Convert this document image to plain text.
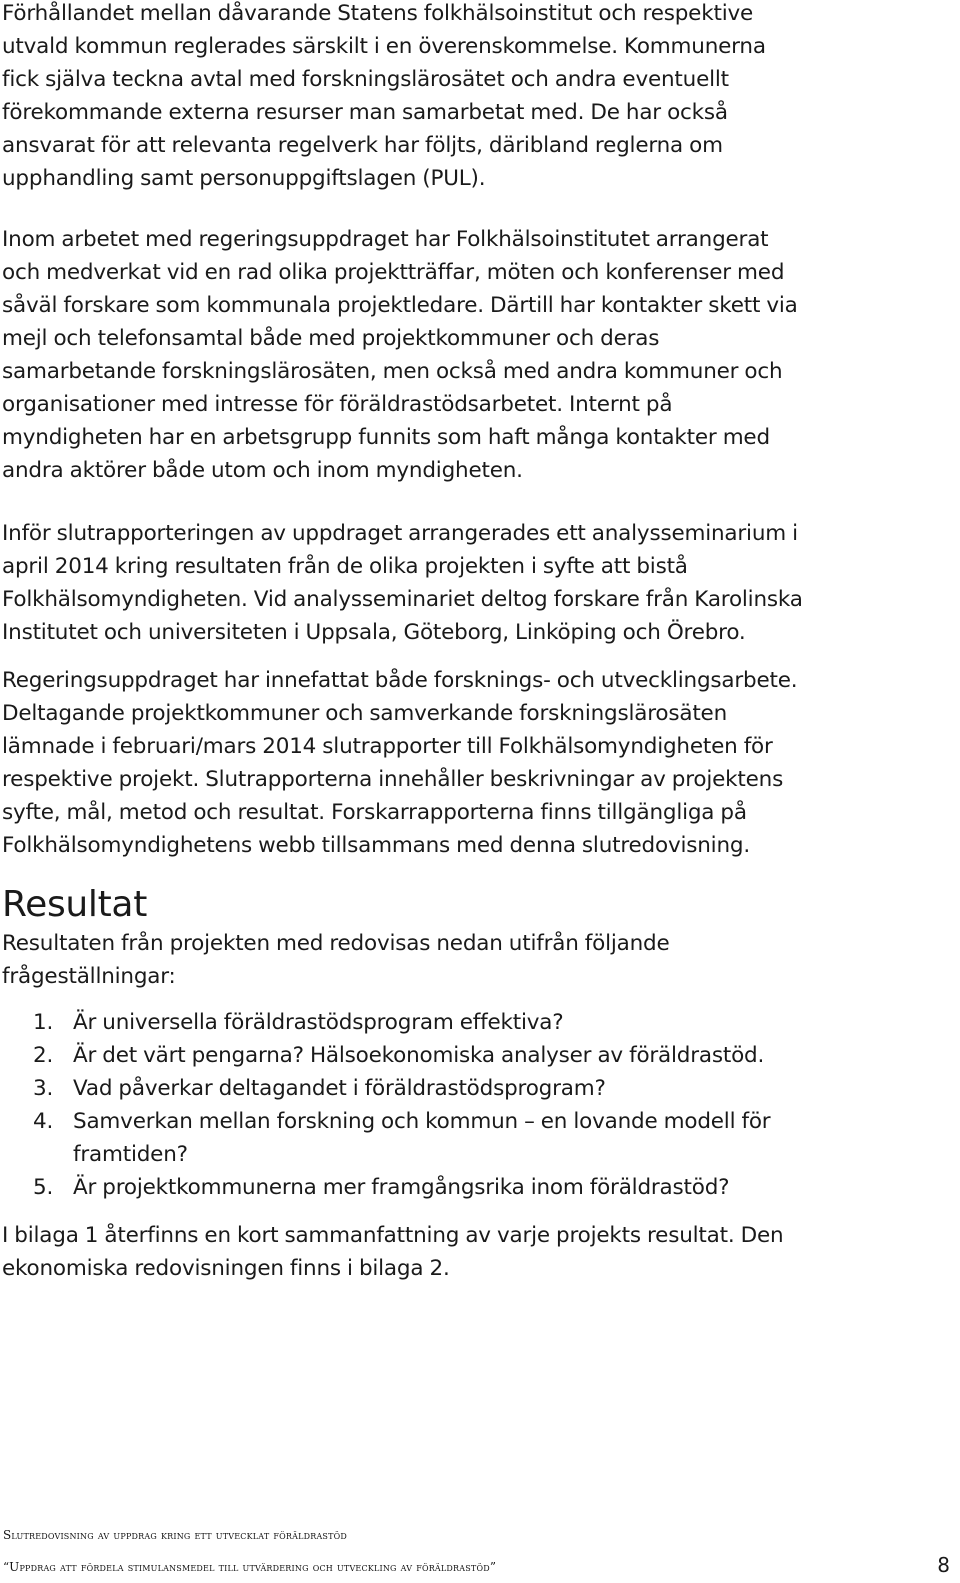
Förhållandet mellan dåvarande Statens folkhälsoinstitut och respektive
utvald kommun reglerades särskilt i en överenskommelse. Kommunerna
fick själva teckna avtal med forskningslärosätet och andra eventuellt
förekommande externa resurser man samarbetat med. De har också
ansvarat för att relevanta regelverk har följts, däribland reglerna om
upphandling samt personuppgiftslagen (PUL).

Inom arbetet med regeringsuppdraget har Folkhälsoinstitutet arrangerat
och medverkat vid en rad olika projektträffar, möten och konferenser med
såväl forskare som kommunala projektledare. Därtill har kontakter skett via
mejl och telefonsamtal både med projektkommuner och deras
samarbetande forskningslärosäten, men också med andra kommuner och
organisationer med intresse för föräldrastödsarbetet. Internt på
myndigheten har en arbetsgrupp funnits som haft många kontakter med
andra aktörer både utom och inom myndigheten.

Inför slutrapporteringen av uppdraget arrangerades ett analysseminarium i
april 2014 kring resultaten från de olika projekten i syfte att bistå
Folkhälsomyndigheten. Vid analysseminariet deltog forskare från Karolinska
Institutet och universiteten i Uppsala, Göteborg, Linköping och Örebro.

Regeringsuppdraget har innefattat både forsknings- och utvecklingsarbete.
Deltagande projektkommuner och samverkande forskningslärosäten
lämnade i februari/mars 2014 slutrapporter till Folkhälsomyndigheten för
respektive projekt. Slutrapporterna innehåller beskrivningar av projektens
syfte, mål, metod och resultat. Forskarrapporterna finns tillgängliga på
Folkhälsomyndighetens webb tillsammans med denna slutredovisning.

Resultat

Resultaten från projekten med redovisas nedan utifrån följande
frågeställningar:

1. Är universella föräldrastödsprogram effektiva?
2. Är det värt pengarna? Hälsoekonomiska analyser av föräldrastöd.
3. Vad påverkar deltagandet i föräldrastödsprogram?
4. Samverkan mellan forskning och kommun – en lovande modell för
framtiden?
5. Är projektkommunerna mer framgångsrika inom föräldrastöd?

I bilaga 1 återfinns en kort sammanfattning av varje projekts resultat. Den
ekonomiska redovisningen finns i bilaga 2.

Slutredovisning av uppdrag kring ett utvecklat föräldrastöd
“Uppdrag att fördela stimulansmedel till utvärdering och utveckling av föräldrastöd”	8
